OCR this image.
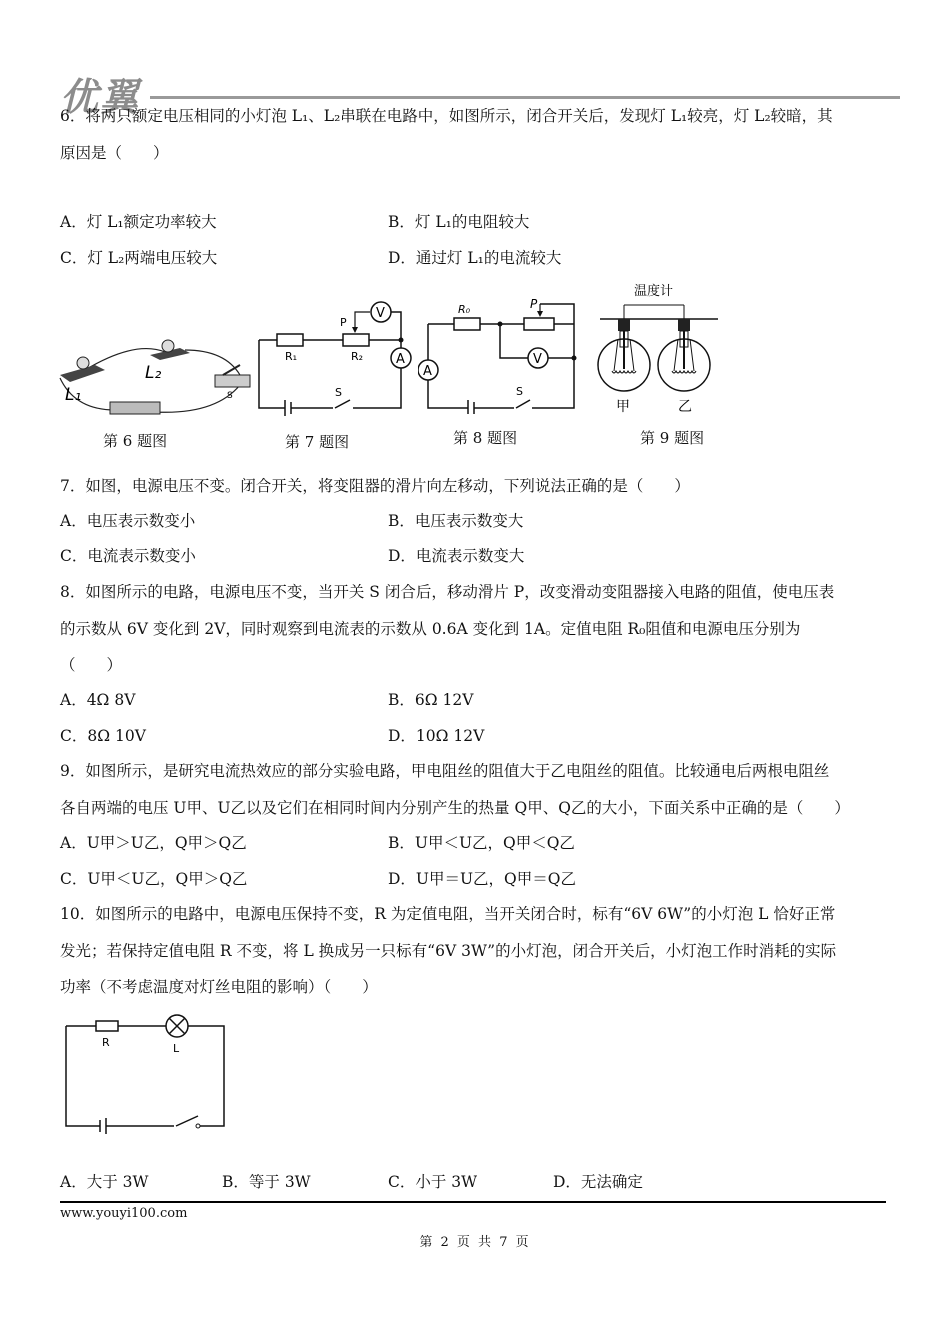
优翼
6．将两只额定电压相同的小灯泡 L₁、L₂串联在电路中，如图所示，闭合开关后，发现灯 L₁较亮，灯 L₂较暗，其
原因是（　　）
A．灯 L₁额定功率较大	B．灯 L₁的电阻较大
C．灯 L₂两端电压较大	D．通过灯 L₁的电流较大
L₁
L₂
S
P
V
A
R₁	R₂
S
R₀	P
V
A
S
温度计
甲	乙
第 6 题图	第 7 题图	第 8 题图	第 9 题图
7．如图，电源电压不变。闭合开关，将变阻器的滑片向左移动，下列说法正确的是（　　）
A．电压表示数变小	B．电压表示数变大
C．电流表示数变小	D．电流表示数变大
8．如图所示的电路，电源电压不变，当开关 S 闭合后，移动滑片 P，改变滑动变阻器接入电路的阻值，使电压表
的示数从 6V 变化到 2V，同时观察到电流表的示数从 0.6A 变化到 1A。定值电阻 R₀阻值和电源电压分别为
（　　）
A．4Ω 8V	B．6Ω 12V
C．8Ω 10V	D．10Ω 12V
9．如图所示，是研究电流热效应的部分实验电路，甲电阻丝的阻值大于乙电阻丝的阻值。比较通电后两根电阻丝
各自两端的电压 U甲、U乙以及它们在相同时间内分别产生的热量 Q甲、Q乙的大小，下面关系中正确的是（　　）
A．U甲＞U乙，Q甲＞Q乙	B．U甲＜U乙，Q甲＜Q乙
C．U甲＜U乙，Q甲＞Q乙	D．U甲＝U乙，Q甲＝Q乙
10．如图所示的电路中，电源电压保持不变，R 为定值电阻，当开关闭合时，标有“6V 6W”的小灯泡 L 恰好正常
发光；若保持定值电阻 R 不变，将 L 换成另一只标有“6V 3W”的小灯泡，闭合开关后，小灯泡工作时消耗的实际
功率（不考虑温度对灯丝电阻的影响）（　　）
R	L
A．大于 3W	B．等于 3W	C．小于 3W	D．无法确定
www.youyi100.com
第 2 页 共 7 页
